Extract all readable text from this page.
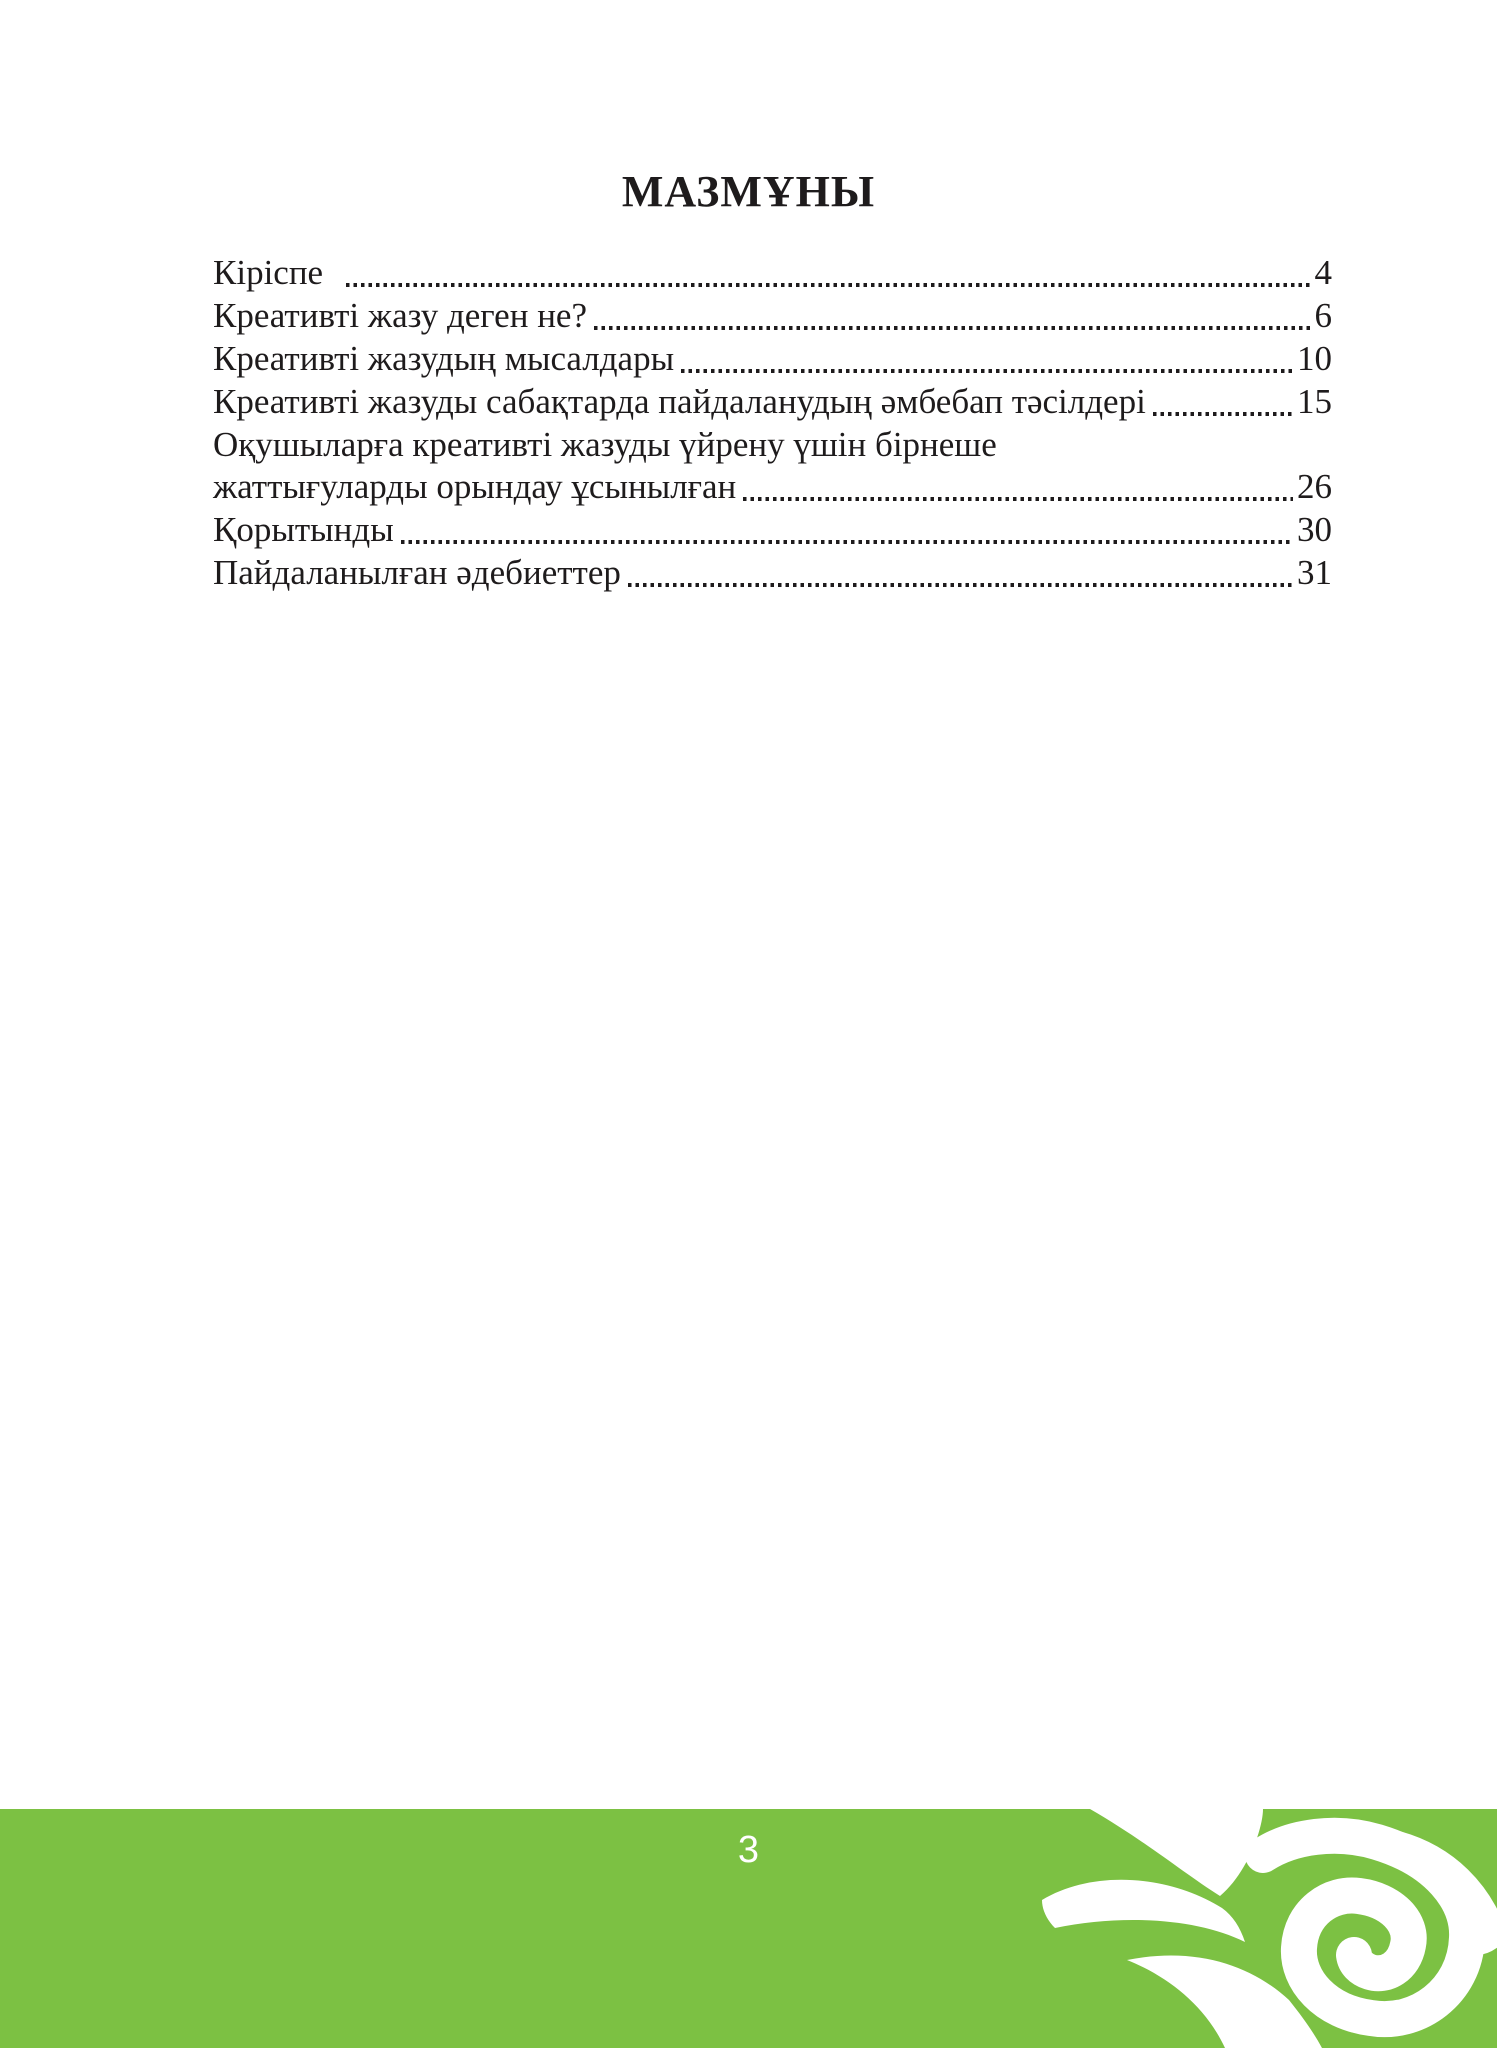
МАЗМҰНЫ
Кіріспе	4
Креативті жазу деген не?	6
Креативті жазудың мысалдары	10
Креативті жазуды сабақтарда пайдаланудың әмбебап тәсілдері	15
Оқушыларға креативті жазуды үйрену үшін бірнеше
жаттығуларды орындау ұсынылған	26
Қорытынды	30
Пайдаланылған әдебиеттер	31
3
